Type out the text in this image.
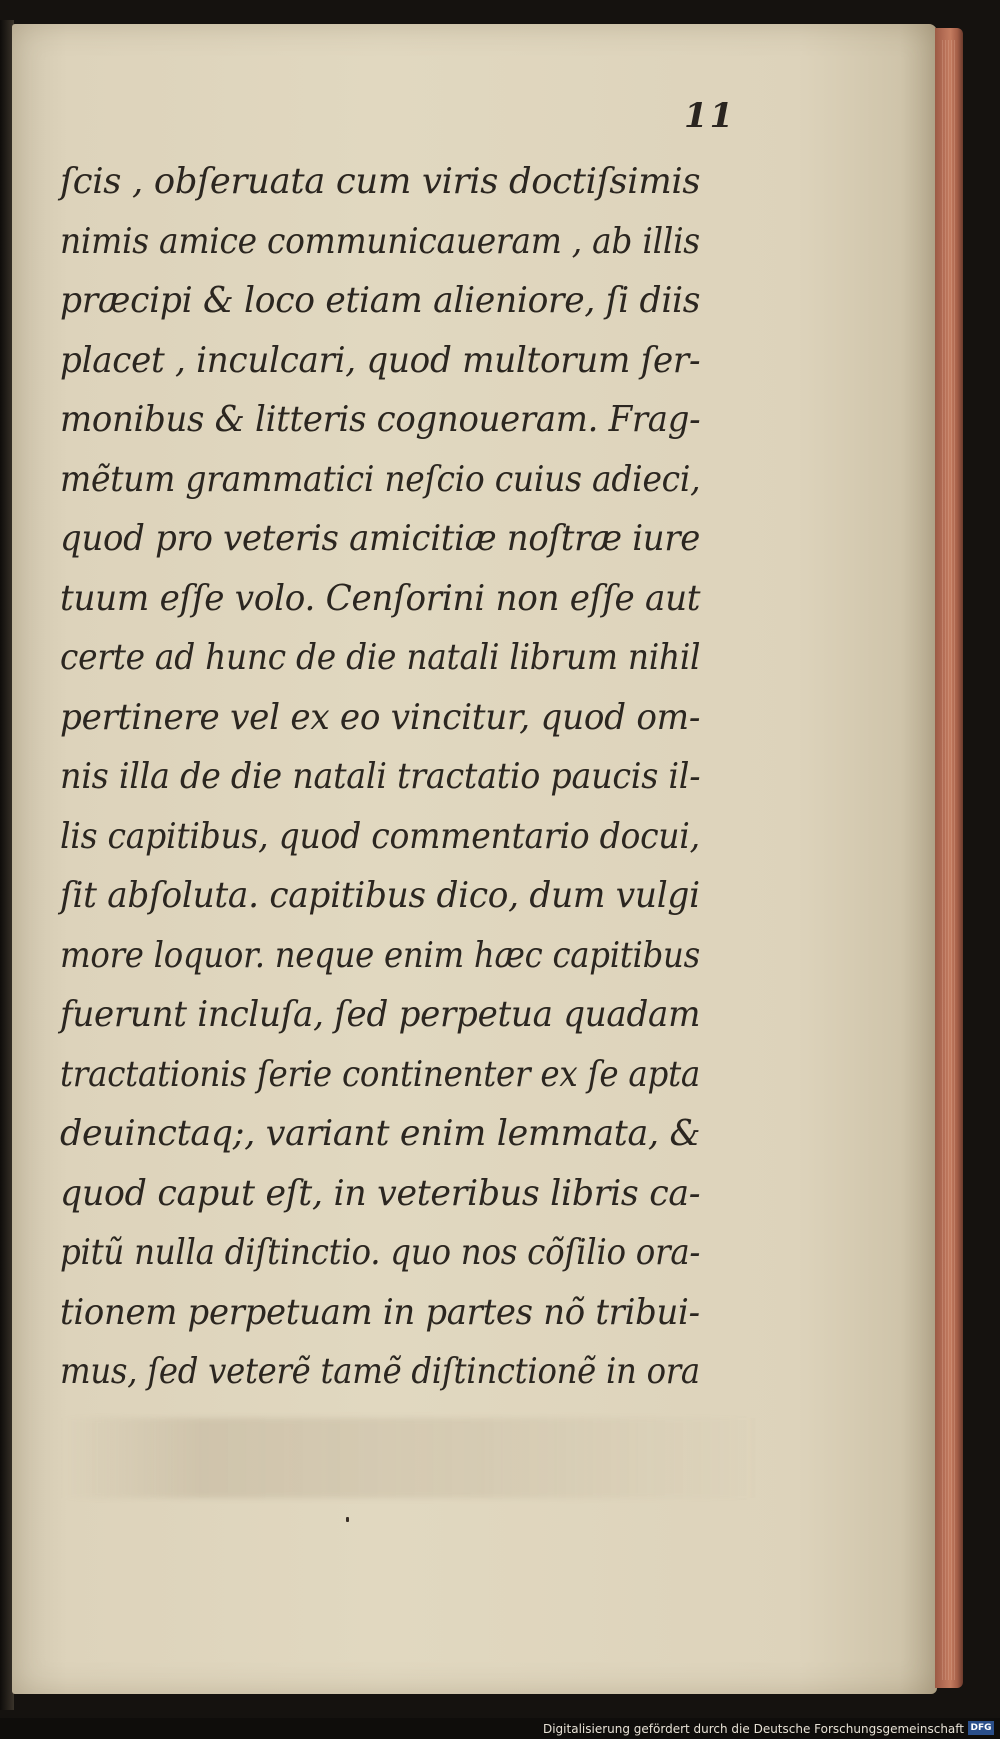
11
ſcis , obſeruata cum viris doctiſsimis
nimis amice communicaueram , ab illis
præcipi & loco etiam alieniore, ſi diis
placet , inculcari, quod multorum ſer-
monibus & litteris cognoueram. Frag-
mẽtum grammatici neſcio cuius adieci,
quod pro veteris amicitiæ noſtræ iure
tuum eſſe volo. Cenſorini non eſſe aut
certe ad hunc de die natali librum nihil
pertinere vel ex eo vincitur, quod om-
nis illa de die natali tractatio paucis il-
lis capitibus, quod commentario docui,
ſit abſoluta. capitibus dico, dum vulgi
more loquor. neque enim hæc capitibus
fuerunt incluſa, ſed perpetua quadam
tractationis ſerie continenter ex ſe apta
deuinctaq;, variant enim lemmata, &
quod caput eſt, in veteribus libris ca-
pitũ nulla diſtinctio. quo nos cõſilio ora-
tionem perpetuam in partes nõ tribui-
mus, ſed veterẽ tamẽ diſtinctionẽ in ora
Digitalisierung gefördert durch die Deutsche Forschungsgemeinschaft DFG
